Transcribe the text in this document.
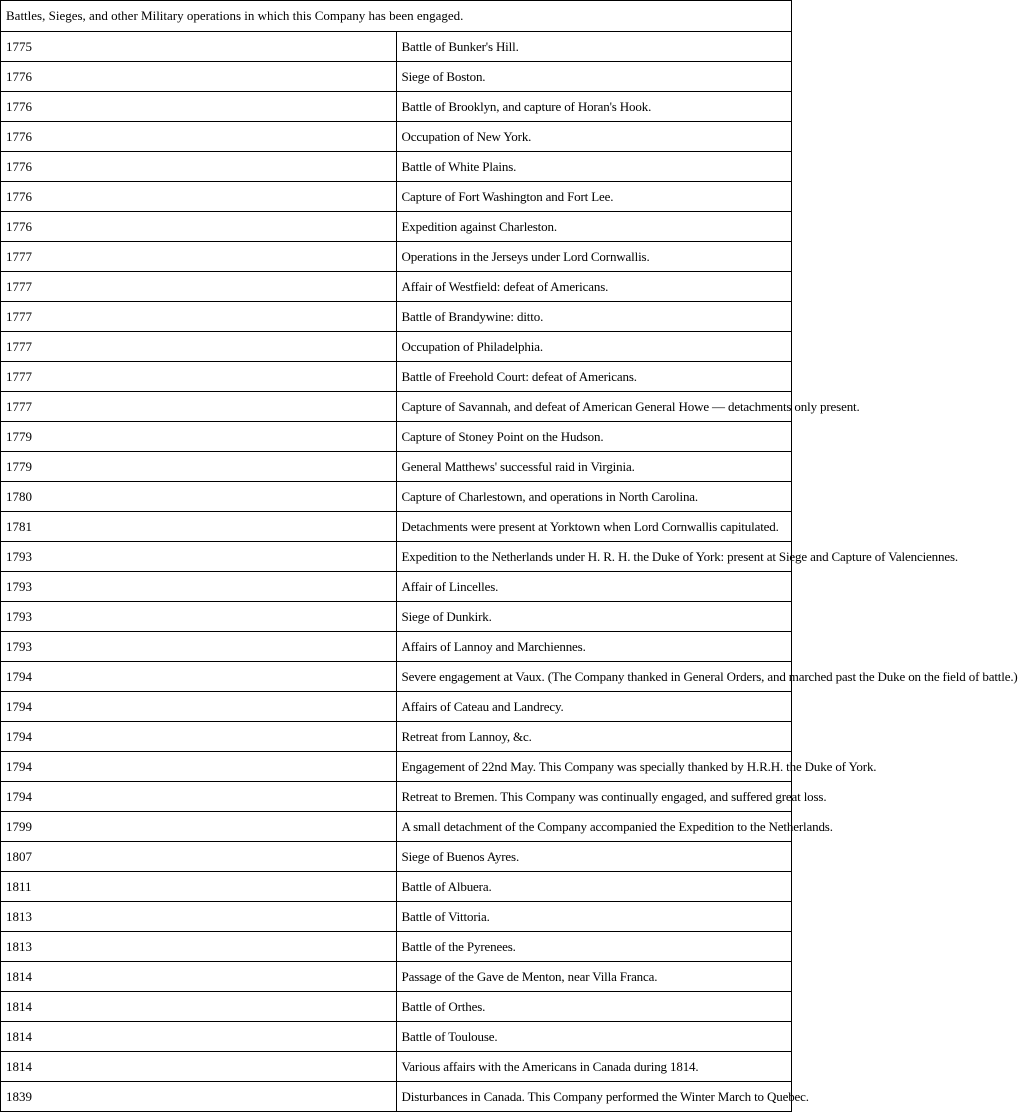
Battles, Sieges, and other Military operations in which this Company has been engaged.	
1775	Battle of Bunker's Hill.
1776	Siege of Boston.
1776	Battle of Brooklyn, and capture of Horan's Hook.
1776	Occupation of New York.
1776	Battle of White Plains.
1776	Capture of Fort Washington and Fort Lee.
1776	Expedition against Charleston.
1777	Operations in the Jerseys under Lord Cornwallis.
1777	Affair of Westfield: defeat of Americans.
1777	Battle of Brandywine: ditto.
1777	Occupation of Philadelphia.
1777	Battle of Freehold Court: defeat of Americans.
1777	Capture of Savannah, and defeat of American General Howe — detachments only present.
1779	Capture of Stoney Point on the Hudson.
1779	General Matthews' successful raid in Virginia.
1780	Capture of Charlestown, and operations in North Carolina.
1781	Detachments were present at Yorktown when Lord Cornwallis capitulated.
1793	Expedition to the Netherlands under H. R. H. the Duke of York: present at Siege and Capture of Valenciennes.
1793	Affair of Lincelles.
1793	Siege of Dunkirk.
1793	Affairs of Lannoy and Marchiennes.
1794	Severe engagement at Vaux. (The Company thanked in General Orders, and marched past the Duke on the field of battle.)
1794	Affairs of Cateau and Landrecy.
1794	Retreat from Lannoy, &c.
1794	Engagement of 22nd May. This Company was specially thanked by H.R.H. the Duke of York.
1794	Retreat to Bremen. This Company was continually engaged, and suffered great loss.
1799	A small detachment of the Company accompanied the Expedition to the Netherlands.
1807	Siege of Buenos Ayres.
1811	Battle of Albuera.
1813	Battle of Vittoria.
1813	Battle of the Pyrenees.
1814	Passage of the Gave de Menton, near Villa Franca.
1814	Battle of Orthes.
1814	Battle of Toulouse.
1814	Various affairs with the Americans in Canada during 1814.
1839	Disturbances in Canada. This Company performed the Winter March to Quebec.
